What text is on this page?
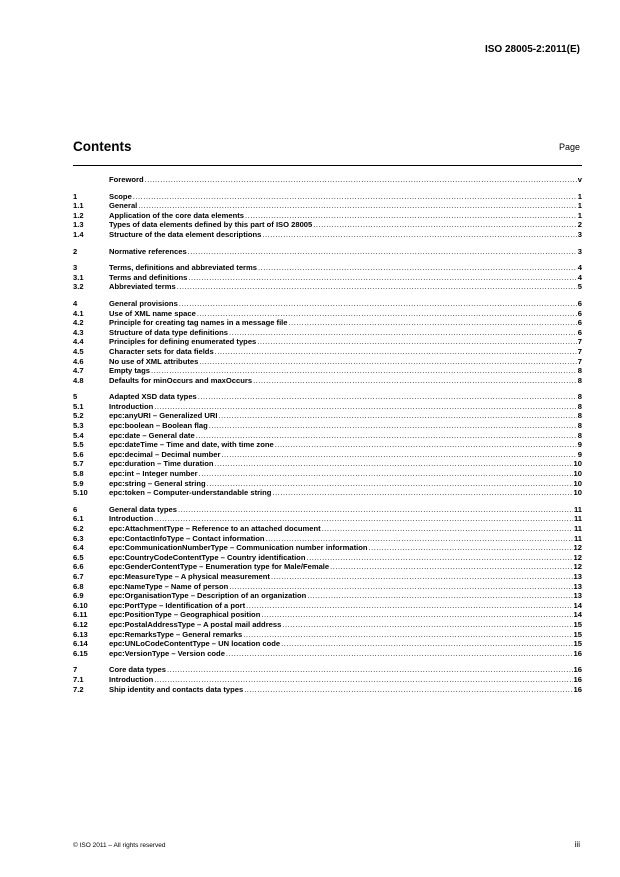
ISO 28005-2:2011(E)
Contents	Page
Foreword .....	v
1	Scope .....	1
1.1	General .....	1
1.2	Application of the core data elements .....	1
1.3	Types of data elements defined by this part of ISO 28005 .....	2
1.4	Structure of the data element descriptions .....	3
2	Normative references .....	3
3	Terms, definitions and abbreviated terms .....	4
3.1	Terms and definitions .....	4
3.2	Abbreviated terms .....	5
4	General provisions .....	6
4.1	Use of XML name space .....	6
4.2	Principle for creating tag names in a message file .....	6
4.3	Structure of data type definitions .....	6
4.4	Principles for defining enumerated types .....	7
4.5	Character sets for data fields .....	7
4.6	No use of XML attributes .....	7
4.7	Empty tags .....	8
4.8	Defaults for minOccurs and maxOccurs .....	8
5	Adapted XSD data types .....	8
5.1	Introduction .....	8
5.2	epc:anyURI – Generalized URI .....	8
5.3	epc:boolean – Boolean flag .....	8
5.4	epc:date – General date .....	8
5.5	epc:dateTime – Time and date, with time zone .....	9
5.6	epc:decimal – Decimal number .....	9
5.7	epc:duration – Time duration .....	10
5.8	epc:int – Integer number .....	10
5.9	epc:string – General string .....	10
5.10	epc:token – Computer-understandable string .....	10
6	General data types .....	11
6.1	Introduction .....	11
6.2	epc:AttachmentType – Reference to an attached document .....	11
6.3	epc:ContactInfoType – Contact information .....	11
6.4	epc:CommunicationNumberType – Communication number information .....	12
6.5	epc:CountryCodeContentType – Country identification .....	12
6.6	epc:GenderContentType – Enumeration type for Male/Female .....	12
6.7	epc:MeasureType – A physical measurement .....	13
6.8	epc:NameType – Name of person .....	13
6.9	epc:OrganisationType – Description of an organization .....	13
6.10	epc:PortType – Identification of a port .....	14
6.11	epc:PositionType – Geographical position .....	14
6.12	epc:PostalAddressType – A postal mail address .....	15
6.13	epc:RemarksType – General remarks .....	15
6.14	epc:UNLoCodeContentType – UN location code .....	15
6.15	epc:VersionType – Version code .....	16
7	Core data types .....	16
7.1	Introduction .....	16
7.2	Ship identity and contacts data types .....	16
© ISO 2011 – All rights reserved	iii
